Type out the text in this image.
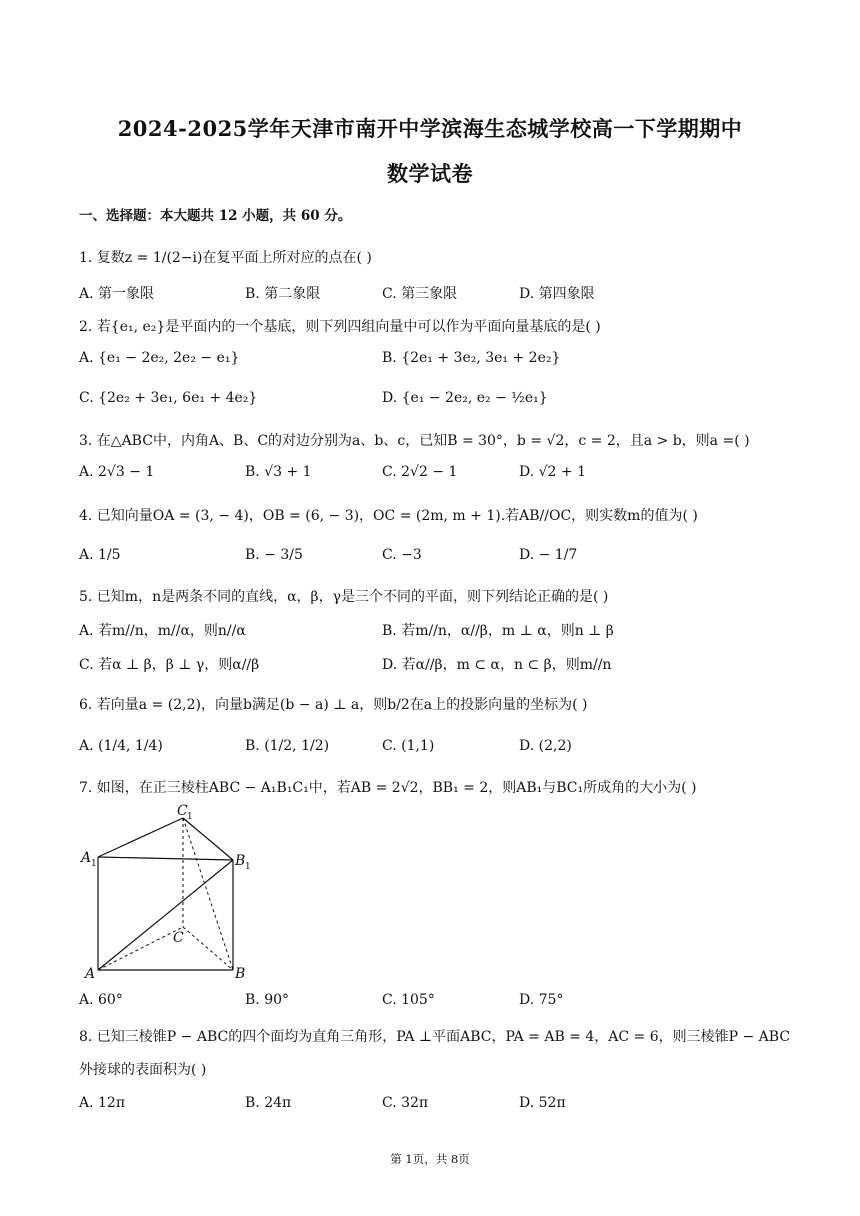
2024-2025学年天津市南开中学滨海生态城学校高一下学期期中
数学试卷
一、选择题：本大题共 12 小题，共 60 分。
1. 复数z = 1/(2−i)在复平面上所对应的点在( )
A. 第一象限	B. 第二象限	C. 第三象限	D. 第四象限
2. 若{e₁, e₂}是平面内的一个基底，则下列四组向量中可以作为平面向量基底的是( )
A. {e₁ − 2e₂, 2e₂ − e₁}	B. {2e₁ + 3e₂, 3e₁ + 2e₂}
C. {2e₂ + 3e₁, 6e₁ + 4e₂}	D. {e₁ − 2e₂, e₂ − ½e₁}
3. 在△ABC中，内角A、B、C的对边分别为a、b、c，已知B = 30°，b = √2，c = 2，且a > b，则a =( )
A. 2√3 − 1	B. √3 + 1	C. 2√2 − 1	D. √2 + 1
4. 已知向量OA = (3, − 4)，OB = (6, − 3)，OC = (2m, m + 1).若AB//OC，则实数m的值为( )
A. 1/5	B. − 3/5	C. −3	D. − 1/7
5. 已知m，n是两条不同的直线，α，β，γ是三个不同的平面，则下列结论正确的是( )
A. 若m//n，m//α，则n//α	B. 若m//n，α//β，m ⊥ α，则n ⊥ β
C. 若α ⊥ β，β ⊥ γ，则α//β	D. 若α//β，m ⊂ α，n ⊂ β，则m//n
6. 若向量a = (2,2)，向量b满足(b − a) ⊥ a，则b/2在a上的投影向量的坐标为( )
A. (1/4, 1/4)	B. (1/2, 1/2)	C. (1,1)	D. (2,2)
7. 如图，在正三棱柱ABC − A₁B₁C₁中，若AB = 2√2，BB₁ = 2，则AB₁与BC₁所成角的大小为( )
C 1
A 1	B 1
C
A	B
A. 60°	B. 90°	C. 105°	D. 75°
8. 已知三棱锥P − ABC的四个面均为直角三角形，PA ⊥平面ABC，PA = AB = 4，AC = 6，则三棱锥P − ABC
外接球的表面积为( )
A. 12π	B. 24π	C. 32π	D. 52π
第 1页，共 8页
